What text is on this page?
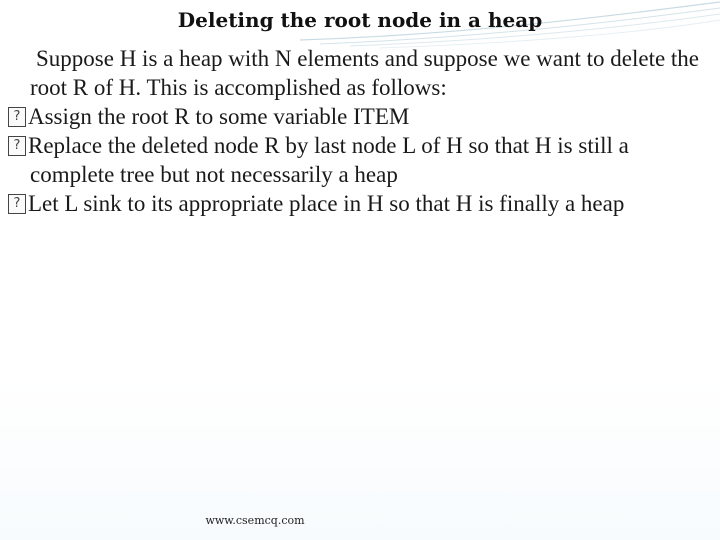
Deleting the root node in a heap

Suppose H is a heap with N elements and suppose we want to delete the root R of H. This is accomplished as follows:

?Assign the root R to some variable ITEM

?Replace the deleted node R by last node L of H so that H is still a complete tree but not necessarily a heap

?Let L sink to its appropriate place in H so that H is finally a heap

www.csemcq.com
